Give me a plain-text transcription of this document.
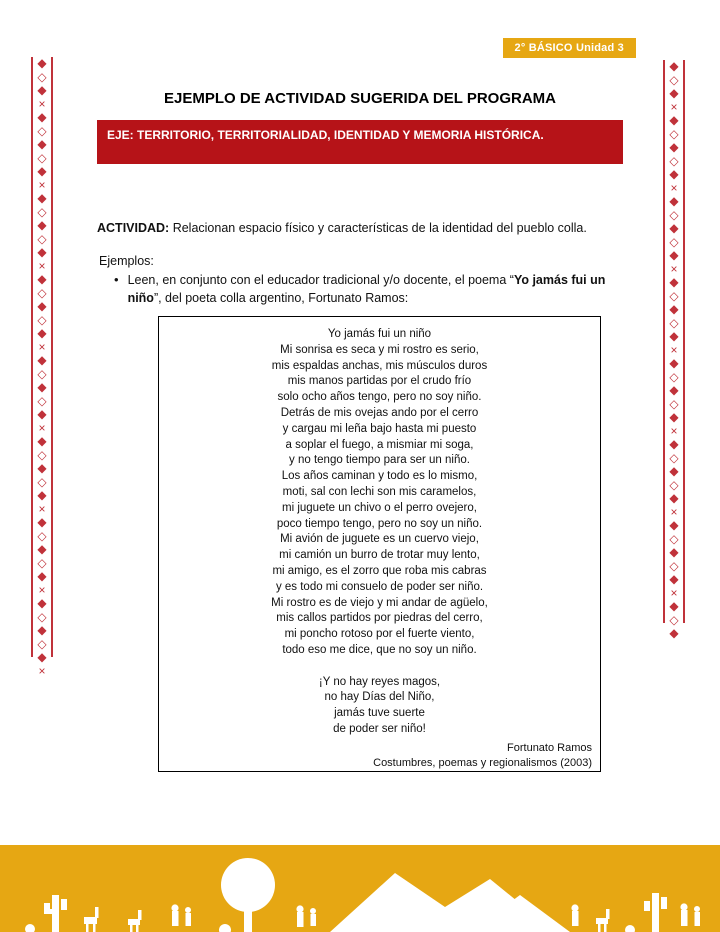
◆
◇
◆
×
◆
◇
◆
◇
◆
×
◆
◇
◆
◇
◆
×
◆
◇
◆
◇
◆
×
◆
◇
◆
◇
◆
×
◆
◇
◆
◇
◆
×
◆
◇
◆
◇
◆
×
◆
◇
◆
◇
◆
×
◆
◇
◆
×
◆
◇
◆
◇
◆
×
◆
◇
◆
◇
◆
×
◆
◇
◆
◇
◆
×
◆
◇
◆
◇
◆
×
◆
◇
◆
◇
◆
×
◆
◇
◆
◇
◆
×
◆
◇
◆
2° BÁSICO Unidad 3
EJEMPLO DE ACTIVIDAD SUGERIDA DEL PROGRAMA
EJE: TERRITORIO, TERRITORIALIDAD, IDENTIDAD Y MEMORIA HISTÓRICA.
ACTIVIDAD: Relacionan espacio físico y características de la identidad del pueblo colla.
Ejemplos:
• Leen, en conjunto con el educador tradicional y/o docente, el poema “Yo jamás fui un niño”, del poeta colla argentino, Fortunato Ramos:
Yo jamás fui un niño
Mi sonrisa es seca y mi rostro es serio,
mis espaldas anchas, mis músculos duros
mis manos partidas por el crudo frío
solo ocho años tengo, pero no soy niño.
Detrás de mis ovejas ando por el cerro
y cargau mi leña bajo hasta mi puesto
a soplar el fuego, a mismiar mi soga,
y no tengo tiempo para ser un niño.
Los años caminan y todo es lo mismo,
moti, sal con lechi son mis caramelos,
mi juguete un chivo o el perro ovejero,
poco tiempo tengo, pero no soy un niño.
Mi avión de juguete es un cuervo viejo,
mi camión un burro de trotar muy lento,
mi amigo, es el zorro que roba mis cabras
y es todo mi consuelo de poder ser niño.
Mi rostro es de viejo y mi andar de agüelo,
mis callos partidos por piedras del cerro,
mi poncho rotoso por el fuerte viento,
todo eso me dice, que no soy un niño.
¡Y no hay reyes magos,
no hay Días del Niño,
jamás tuve suerte
de poder ser niño!
Fortunato Ramos
Costumbres, poemas y regionalismos (2003)
